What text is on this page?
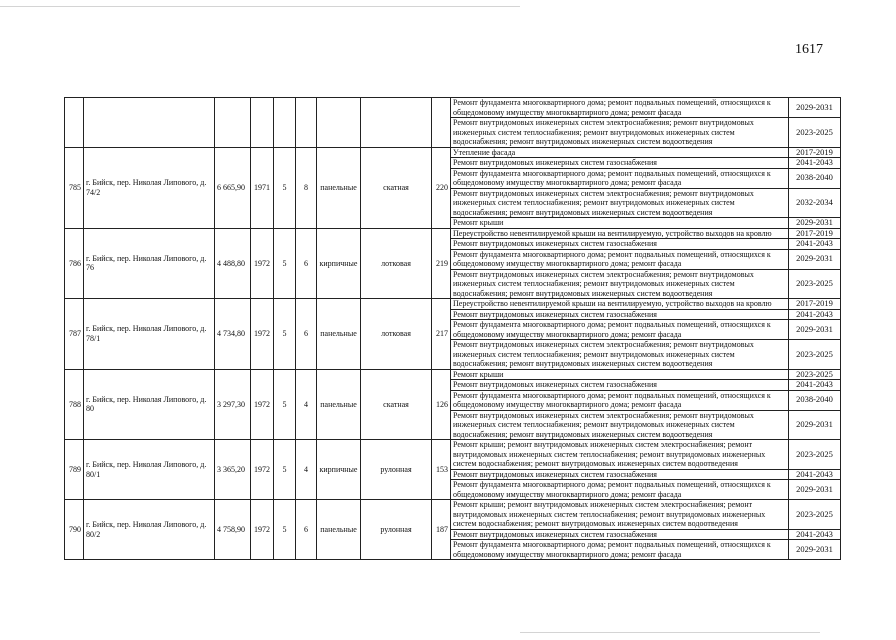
1617
									Ремонт фундамента многоквартирного дома; ремонт подвальных помещений, относящихся к общедомовому имуществу многоквартирного дома; ремонт фасада	2029-2031
									Ремонт внутридомовых инженерных систем электроснабжения; ремонт внутридомовых инженерных систем теплоснабжения; ремонт внутридомовых инженерных систем водоснабжения; ремонт внутридомовых инженерных систем водоотведения	2023-2025
785	г. Бийск, пер. Николая Липового, д. 74/2	6 665,90	1971	5	8	панельные	скатная	220	Утепление фасада	2017-2019
									Ремонт внутридомовых инженерных систем газоснабжения	2041-2043
									Ремонт фундамента многоквартирного дома; ремонт подвальных помещений, относящихся к общедомовому имуществу многоквартирного дома; ремонт фасада	2038-2040
									Ремонт внутридомовых инженерных систем электроснабжения; ремонт внутридомовых инженерных систем теплоснабжения; ремонт внутридомовых инженерных систем водоснабжения; ремонт внутридомовых инженерных систем водоотведения	2032-2034
									Ремонт крыши	2029-2031
786	г. Бийск, пер. Николая Липового, д. 76	4 488,80	1972	5	6	кирпичные	лотковая	219	Переустройство невентилируемой крыши на вентилируемую, устройство выходов на кровлю	2017-2019
									Ремонт внутридомовых инженерных систем газоснабжения	2041-2043
									Ремонт фундамента многоквартирного дома; ремонт подвальных помещений, относящихся к общедомовому имуществу многоквартирного дома; ремонт фасада	2029-2031
									Ремонт внутридомовых инженерных систем электроснабжения; ремонт внутридомовых инженерных систем теплоснабжения; ремонт внутридомовых инженерных систем водоснабжения; ремонт внутридомовых инженерных систем водоотведения	2023-2025
787	г. Бийск, пер. Николая Липового, д. 78/1	4 734,80	1972	5	6	панельные	лотковая	217	Переустройство невентилируемой крыши на вентилируемую, устройство выходов на кровлю	2017-2019
									Ремонт внутридомовых инженерных систем газоснабжения	2041-2043
									Ремонт фундамента многоквартирного дома; ремонт подвальных помещений, относящихся к общедомовому имуществу многоквартирного дома; ремонт фасада	2029-2031
									Ремонт внутридомовых инженерных систем электроснабжения; ремонт внутридомовых инженерных систем теплоснабжения; ремонт внутридомовых инженерных систем водоснабжения; ремонт внутридомовых инженерных систем водоотведения	2023-2025
788	г. Бийск, пер. Николая Липового, д. 80	3 297,30	1972	5	4	панельные	скатная	126	Ремонт крыши	2023-2025
									Ремонт внутридомовых инженерных систем газоснабжения	2041-2043
									Ремонт фундамента многоквартирного дома; ремонт подвальных помещений, относящихся к общедомовому имуществу многоквартирного дома; ремонт фасада	2038-2040
									Ремонт внутридомовых инженерных систем электроснабжения; ремонт внутридомовых инженерных систем теплоснабжения; ремонт внутридомовых инженерных систем водоснабжения; ремонт внутридомовых инженерных систем водоотведения	2029-2031
789	г. Бийск, пер. Николая Липового, д. 80/1	3 365,20	1972	5	4	кирпичные	рулонная	153	Ремонт крыши; ремонт внутридомовых инженерных систем электроснабжения; ремонт внутридомовых инженерных систем теплоснабжения; ремонт внутридомовых инженерных систем водоснабжения; ремонт внутридомовых инженерных систем водоотведения	2023-2025
									Ремонт внутридомовых инженерных систем газоснабжения	2041-2043
									Ремонт фундамента многоквартирного дома; ремонт подвальных помещений, относящихся к общедомовому имуществу многоквартирного дома; ремонт фасада	2029-2031
790	г. Бийск, пер. Николая Липового, д. 80/2	4 758,90	1972	5	6	панельные	рулонная	187	Ремонт крыши; ремонт внутридомовых инженерных систем электроснабжения; ремонт внутридомовых инженерных систем теплоснабжения; ремонт внутридомовых инженерных систем водоснабжения; ремонт внутридомовых инженерных систем водоотведения	2023-2025
									Ремонт внутридомовых инженерных систем газоснабжения	2041-2043
									Ремонт фундамента многоквартирного дома; ремонт подвальных помещений, относящихся к общедомовому имуществу многоквартирного дома; ремонт фасада	2029-2031
